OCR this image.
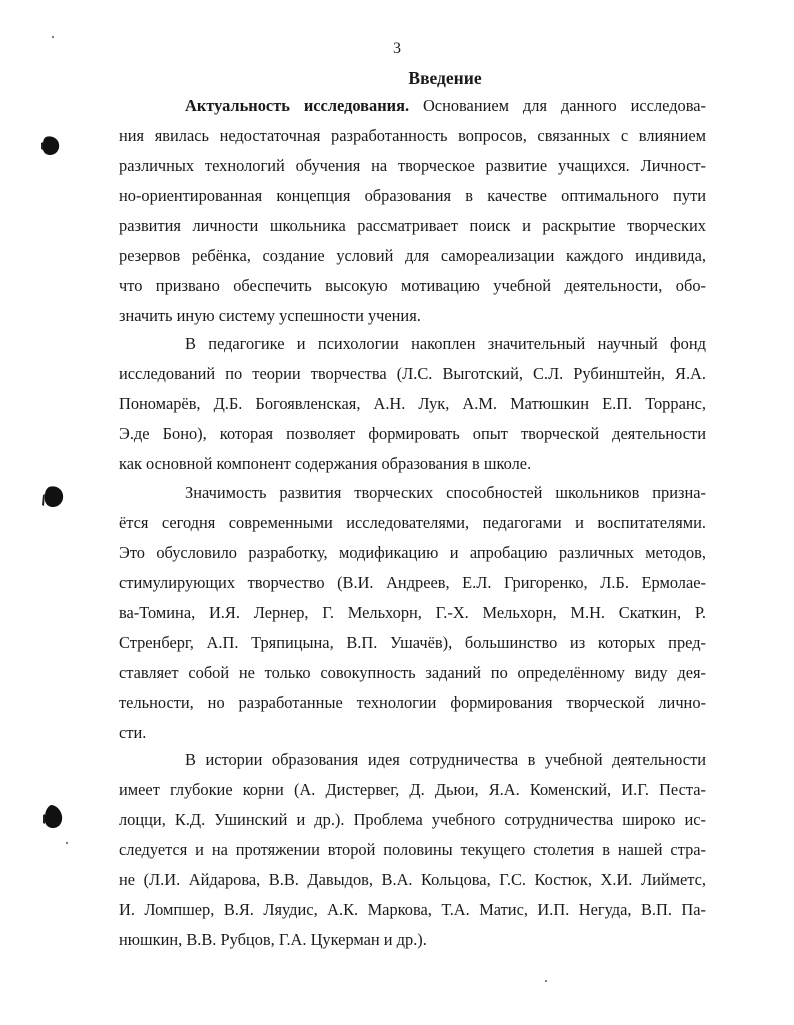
3
Введение
Актуальность исследования. Основанием для данного исследова-
ния явилась недостаточная разработанность вопросов, связанных с влиянием
различных технологий обучения на творческое развитие учащихся. Личност-
но-ориентированная концепция образования в качестве оптимального пути
развития личности школьника рассматривает поиск и раскрытие творческих
резервов ребёнка, создание условий для самореализации каждого индивида,
что призвано обеспечить высокую мотивацию учебной деятельности, обо-
значить иную систему успешности учения.
В педагогике и психологии накоплен значительный научный фонд
исследований по теории творчества (Л.С. Выготский, С.Л. Рубинштейн, Я.А.
Пономарёв, Д.Б. Богоявленская, А.Н. Лук, А.М. Матюшкин Е.П. Торранс,
Э.де Боно), которая позволяет формировать опыт творческой деятельности
как основной компонент содержания образования в школе.
Значимость развития творческих способностей школьников призна-
ётся сегодня современными исследователями, педагогами и воспитателями.
Это обусловило разработку, модификацию и апробацию различных методов,
стимулирующих творчество (В.И. Андреев, Е.Л. Григоренко, Л.Б. Ермолае-
ва-Томина, И.Я. Лернер, Г. Мельхорн, Г.-Х. Мельхорн, М.Н. Скаткин, Р.
Стренберг, А.П. Тряпицына, В.П. Ушачёв), большинство из которых пред-
ставляет собой не только совокупность заданий по определённому виду дея-
тельности, но разработанные технологии формирования творческой лично-
сти.
В истории образования идея сотрудничества в учебной деятельности
имеет глубокие корни (А. Дистервег, Д. Дьюи, Я.А. Коменский, И.Г. Песта-
лоцци, К.Д. Ушинский и др.). Проблема учебного сотрудничества широко ис-
следуется и на протяжении второй половины текущего столетия в нашей стра-
не (Л.И. Айдарова, В.В. Давыдов, В.А. Кольцова, Г.С. Костюк, Х.И. Лийметс,
И. Ломпшер, В.Я. Ляудис, А.К. Маркова, Т.А. Матис, И.П. Негуда, В.П. Па-
нюшкин, В.В. Рубцов, Г.А. Цукерман и др.).
